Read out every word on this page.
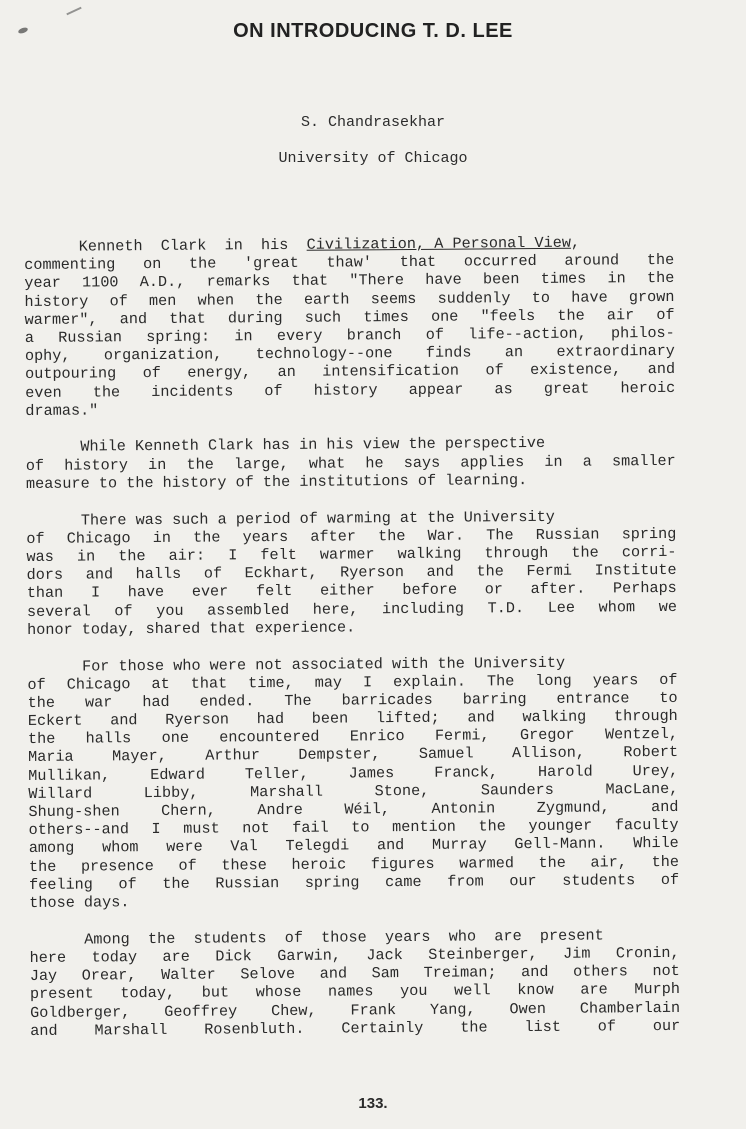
ON INTRODUCING T. D. LEE
S. Chandrasekhar
University of Chicago
Kenneth  Clark  in  his  Civilization, A Personal View,
commenting on the 'great thaw' that occurred around the
year 1100 A.D., remarks that "There have been times in the
history of men when the earth seems suddenly to have grown
warmer", and that during such times one "feels the air of
a Russian spring: in every branch of life--action, philos-
ophy, organization, technology--one finds an extraordinary
outpouring of energy, an intensification of existence, and
even the incidents of history appear as great heroic
dramas."
While Kenneth Clark has in his view the perspective
of history in the large, what he says applies in a smaller
measure to the history of the institutions of learning.
There was such a period of warming at the University
of Chicago in the years after the War. The Russian spring
was in the air: I felt warmer walking through the corri-
dors and halls of Eckhart, Ryerson and the Fermi Institute
than I have ever felt either before or after. Perhaps
several of you assembled here, including T.D. Lee whom we
honor today, shared that experience.
For those who were not associated with the University
of Chicago at that time, may I explain. The long years of
the war had ended. The barricades barring entrance to
Eckert and Ryerson had been lifted; and walking through
the halls one encountered Enrico Fermi, Gregor Wentzel,
Maria Mayer, Arthur Dempster, Samuel Allison, Robert
Mullikan, Edward Teller, James Franck, Harold Urey,
Willard Libby, Marshall Stone, Saunders MacLane,
Shung-shen Chern, Andre Wéil, Antonin Zygmund, and
others--and I must not fail to mention the younger faculty
among whom were Val Telegdi and Murray Gell-Mann. While
the presence of these heroic figures warmed the air, the
feeling of the Russian spring came from our students of
those days.
Among  the  students  of  those  years  who  are  present
here today are Dick Garwin, Jack Steinberger, Jim Cronin,
Jay Orear, Walter Selove and Sam Treiman; and others not
present today, but whose names you well know are Murph
Goldberger, Geoffrey Chew, Frank Yang, Owen Chamberlain
and Marshall Rosenbluth. Certainly the list of our
133.
